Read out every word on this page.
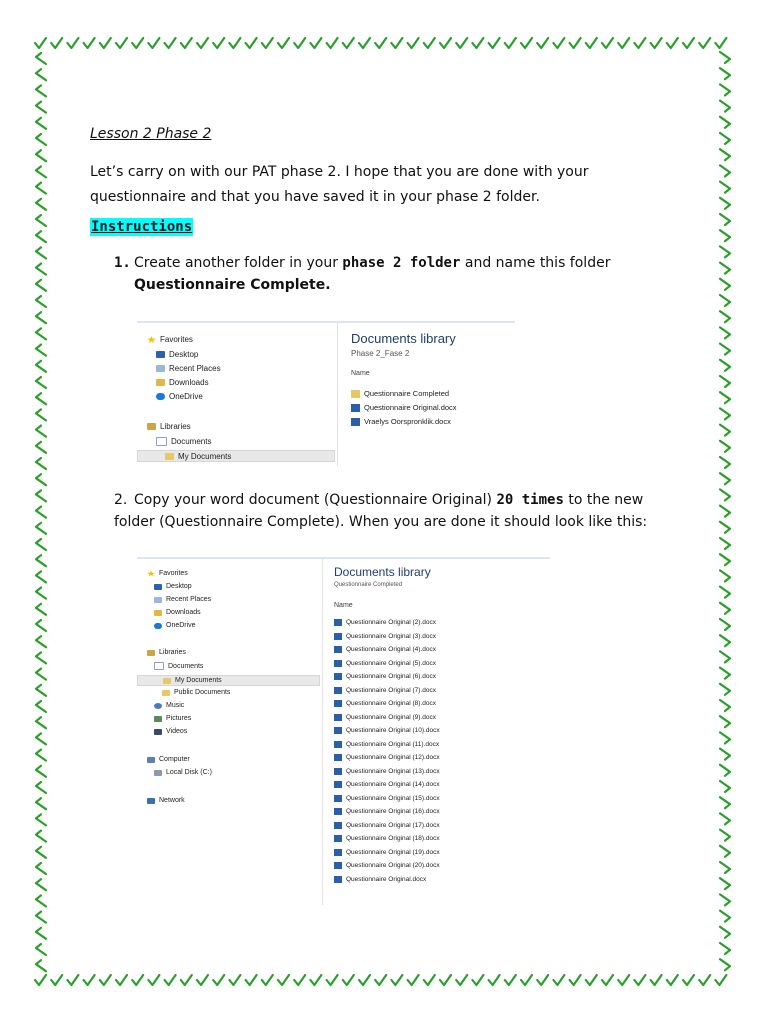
Lesson 2 Phase 2
Let’s carry on with our PAT phase 2. I hope that you are done with your questionnaire and that you have saved it in your phase 2 folder.
Instructions
1. Create another folder in your phase 2 folder and name this folder
Questionnaire Complete.
Favorites
Desktop
Recent Places
Downloads
OneDrive
Libraries
Documents
My Documents
Documents library
Phase 2_Fase 2
Name
Questionnaire Completed
Questionnaire Original.docx
Vraelys Oorspronklik.docx
2. Copy your word document (Questionnaire Original) 20 times to the new folder (Questionnaire Complete). When you are done it should look like this:
Favorites
Desktop
Recent Places
Downloads
OneDrive
Libraries
Documents
My Documents
Public Documents
Music
Pictures
Videos
Computer
Local Disk (C:)
Network
Documents library
Questionnaire Completed
Name
Questionnaire Original (2).docx
Questionnaire Original (3).docx
Questionnaire Original (4).docx
Questionnaire Original (5).docx
Questionnaire Original (6).docx
Questionnaire Original (7).docx
Questionnaire Original (8).docx
Questionnaire Original (9).docx
Questionnaire Original (10).docx
Questionnaire Original (11).docx
Questionnaire Original (12).docx
Questionnaire Original (13).docx
Questionnaire Original (14).docx
Questionnaire Original (15).docx
Questionnaire Original (16).docx
Questionnaire Original (17).docx
Questionnaire Original (18).docx
Questionnaire Original (19).docx
Questionnaire Original (20).docx
Questionnaire Original.docx
